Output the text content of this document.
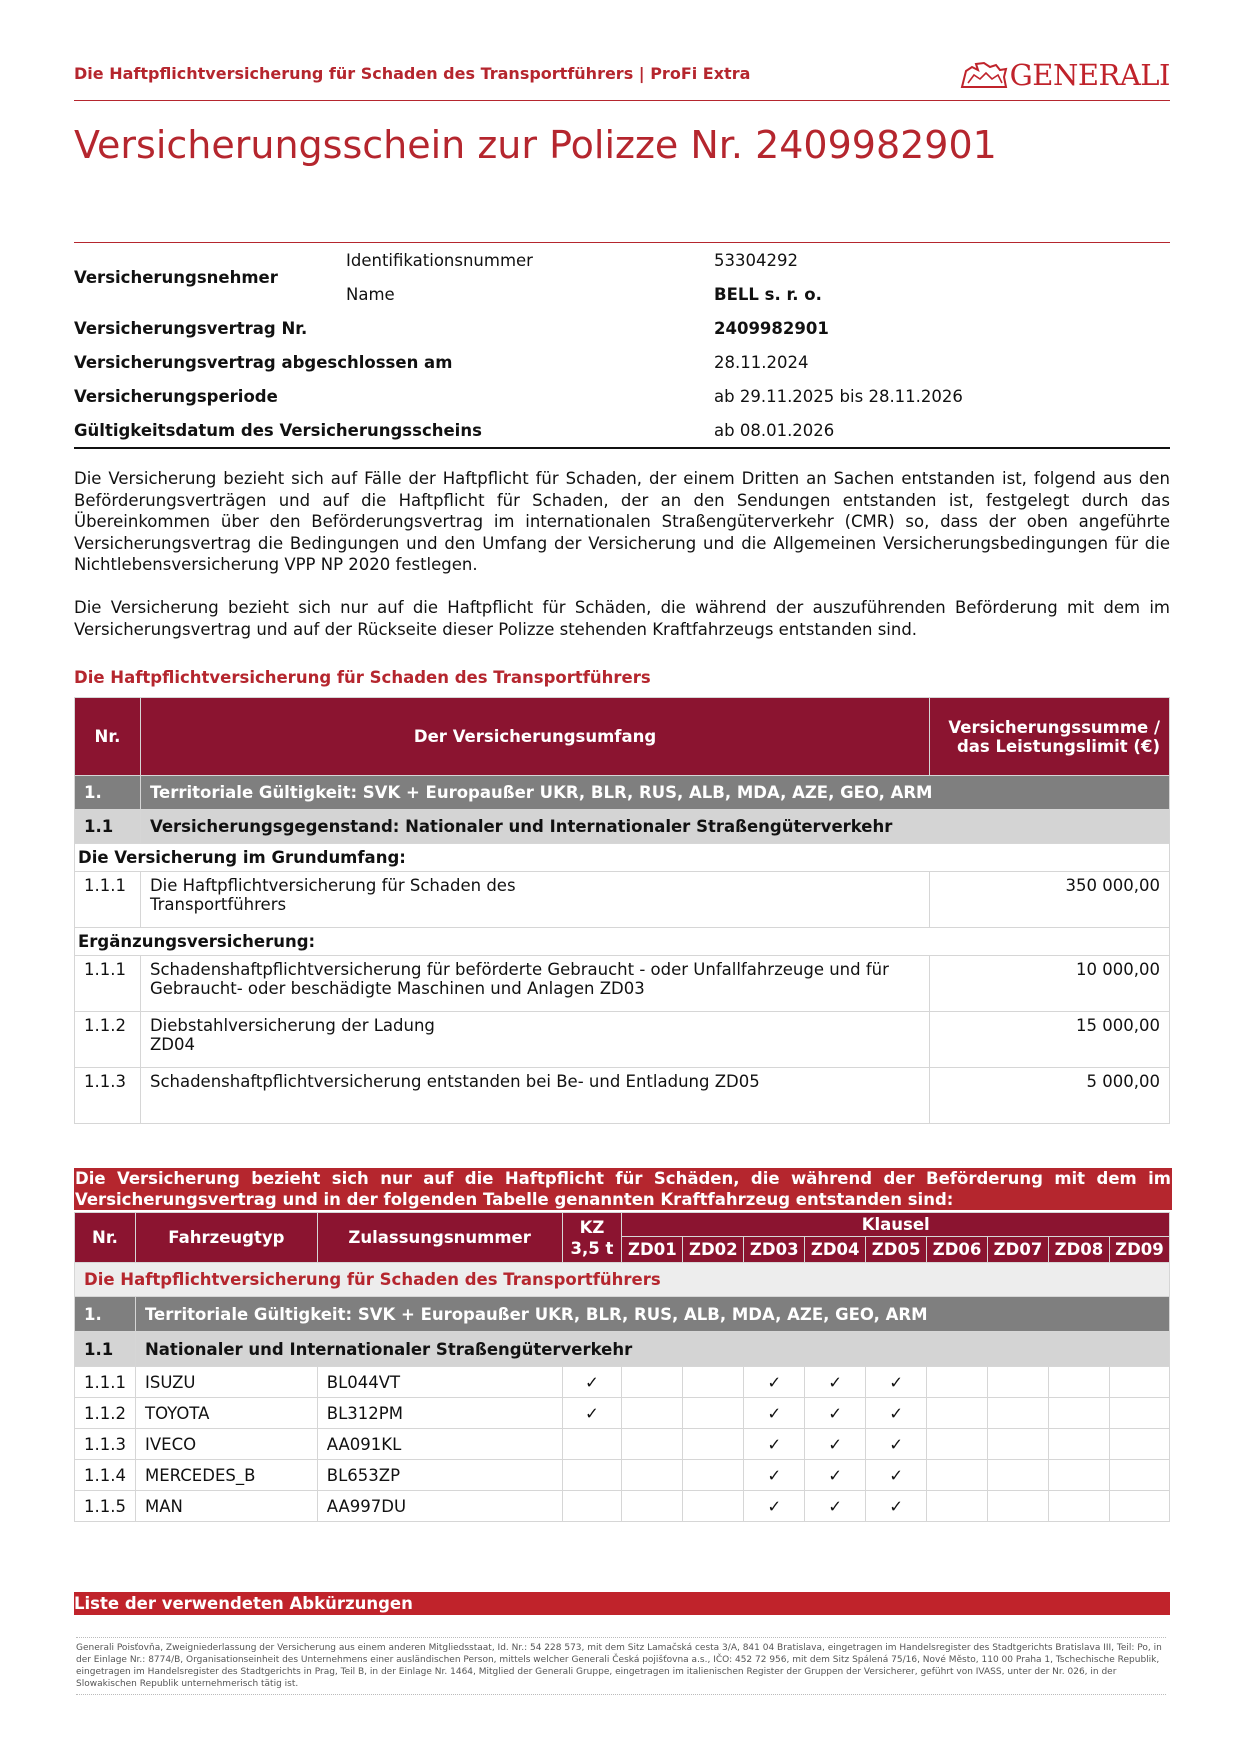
Die Haftpflichtversicherung für Schaden des Transportführers | ProFi Extra	GENERALI
Versicherungsschein zur Polizze Nr. 2409982901
Versicherungsnehmer	Identifikationsnummer	53304292
	Name	BELL s. r. o.
Versicherungsvertrag Nr.		2409982901
Versicherungsvertrag abgeschlossen am		28.11.2024
Versicherungsperiode		ab 29.11.2025 bis 28.11.2026
Gültigkeitsdatum des Versicherungsscheins		ab 08.01.2026
Die Versicherung bezieht sich auf Fälle der Haftpflicht für Schaden, der einem Dritten an Sachen entstanden ist, folgend aus den Beförderungsverträgen und auf die Haftpflicht für Schaden, der an den Sendungen entstanden ist, festgelegt durch das Übereinkommen über den Beförderungsvertrag im internationalen Straßengüterverkehr (CMR) so, dass der oben angeführte Versicherungsvertrag die Bedingungen und den Umfang der Versicherung und die Allgemeinen Versicherungsbedingungen für die Nichtlebensversicherung VPP NP 2020 festlegen.
Die Versicherung bezieht sich nur auf die Haftpflicht für Schäden, die während der auszuführenden Beförderung mit dem im Versicherungsvertrag und auf der Rückseite dieser Polizze stehenden Kraftfahrzeugs entstanden sind.
Die Haftpflichtversicherung für Schaden des Transportführers
Nr.	Der Versicherungsumfang	Versicherungssumme / das Leistungslimit (€)
1.	Territoriale Gültigkeit: SVK + Europaußer UKR, BLR, RUS, ALB, MDA, AZE, GEO, ARM	
1.1	Versicherungsgegenstand: Nationaler und Internationaler Straßengüterverkehr	
Die Versicherung im Grundumfang:		
1.1.1	Die Haftpflichtversicherung für Schaden des Transportführers	350 000,00
Ergänzungsversicherung:		
1.1.1	Schadenshaftpflichtversicherung für beförderte Gebraucht - oder Unfallfahrzeuge und für Gebraucht- oder beschädigte Maschinen und Anlagen ZD03	10 000,00
1.1.2	Diebstahlversicherung der Ladung ZD04	15 000,00
1.1.3	Schadenshaftpflichtversicherung entstanden bei Be- und Entladung ZD05	5 000,00
Die Versicherung bezieht sich nur auf die Haftpflicht für Schäden, die während der Beförderung mit dem im Versicherungsvertrag und in der folgenden Tabelle genannten Kraftfahrzeug entstanden sind:
Nr.	Fahrzeugtyp	Zulassungsnummer	KZ 3,5 t	Klausel								
				ZD01	ZD02	ZD03	ZD04	ZD05	ZD06	ZD07	ZD08	ZD09
Die Haftpflichtversicherung für Schaden des Transportführers												
1.	Territoriale Gültigkeit: SVK + Europaußer UKR, BLR, RUS, ALB, MDA, AZE, GEO, ARM											
1.1	Nationaler und Internationaler Straßengüterverkehr											
1.1.1	ISUZU	BL044VT	✓			✓	✓	✓				
1.1.2	TOYOTA	BL312PM	✓			✓	✓	✓				
1.1.3	IVECO	AA091KL				✓	✓	✓				
1.1.4	MERCEDES_B	BL653ZP				✓	✓	✓				
1.1.5	MAN	AA997DU				✓	✓	✓				
Liste der verwendeten Abkürzungen
Generali Poisťovňa, Zweigniederlassung der Versicherung aus einem anderen Mitgliedsstaat, Id. Nr.: 54 228 573, mit dem Sitz Lamačská cesta 3/A, 841 04 Bratislava, eingetragen im Handelsregister des Stadtgerichts Bratislava III, Teil: Po, in der Einlage Nr.: 8774/B, Organisationseinheit des Unternehmens einer ausländischen Person, mittels welcher Generali Česká pojišťovna a.s., IČO: 452 72 956, mit dem Sitz Spálená 75/16, Nové Město, 110 00 Praha 1, Tschechische Republik, eingetragen im Handelsregister des Stadtgerichts in Prag, Teil B, in der Einlage Nr. 1464, Mitglied der Generali Gruppe, eingetragen im italienischen Register der Gruppen der Versicherer, geführt von IVASS, unter der Nr. 026, in der Slowakischen Republik unternehmerisch tätig ist.
